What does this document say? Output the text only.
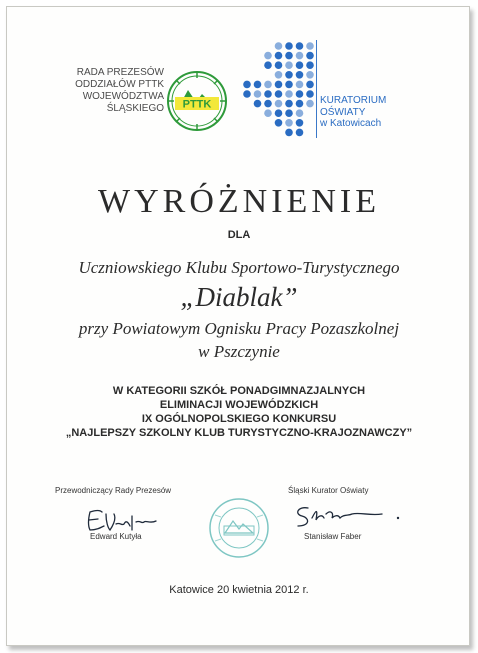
RADA PREZESÓW
ODDZIAŁÓW PTTK
WOJEWÓDZTWA
ŚLĄSKIEGO PTTK	KURATORIUM
OŚWIATY
w Katowicach
WYRÓŻNIENIE
DLA
Uczniowskiego Klubu Sportowo-Turystycznego
„Diablak”
przy Powiatowym Ognisku Pracy Pozaszkolnej
w Pszczynie
W KATEGORII SZKÓŁ PONADGIMNAZJALNYCH
ELIMINACJI WOJEWÓDZKICH
IX OGÓLNOPOLSKIEGO KONKURSU
„NAJLEPSZY SZKOLNY KLUB TURYSTYCZNO-KRAJOZNAWCZY”
Przewodniczący Rady Prezesów
Edward Kutyła
Śląski Kurator Oświaty
Stanisław Faber
Katowice 20 kwietnia 2012 r.
